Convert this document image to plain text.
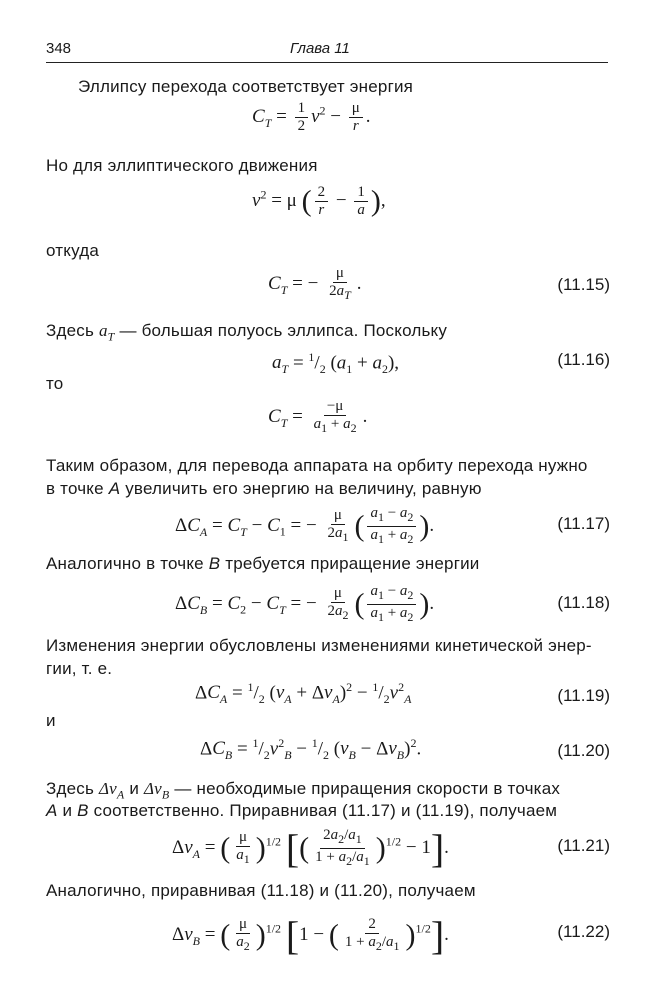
348	Глава 11
Эллипсу перехода соответствует энергия
$C_T = \frac{1}{2} v^2 - \frac{\mu}{r}$ .
Но для эллиптического движения
$v^2 = \mu$ ( $\frac{2}{r} - \frac{1}{a}$ ),
откуда
$C_T$ = − $\frac{\mu}{2a_T}$ .	(11.15)
Здесь $a_T$ — большая полуось эллипса. Поскольку
$a_T = ^1/_2$ $(a_1 + a_2)$,	(11.16)
то
$C_T = \frac{-\mu}{a_1 + a_2}$ .
Таким образом, для перевода аппарата на орбиту перехода нужно
в точке A увеличить его энергию на величину, равную
$\Delta C_A = C_T - C_1$ = − $\frac{\mu}{2a_1}$ ( $\frac{a_1 - a_2}{a_1 + a_2}$ ).	(11.17)
Аналогично в точке B требуется приращение энергии
$\Delta C_B = C_2 - C_T$ = − $\frac{\mu}{2a_2}$ ( $\frac{a_1 - a_2}{a_1 + a_2}$ ).	(11.18)
Изменения энергии обусловлены изменениями кинетической энер-
гии, т. е.
$\Delta C_A = ^1/_2$ $(v_A + \Delta v_A)^2 - ^1/_2v^2_A$	(11.19)
и
$\Delta C_B = ^1/_2v^2_B - ^1/_2$ $(v_B - \Delta v_B)^2$.	(11.20)
Здесь $\Delta v_A$ и $\Delta v_B$ — необходимые приращения скорости в точках
A и B соответственно. Приравнивая (11.17) и (11.19), получаем
$\Delta v_A$ = ( $\frac{\mu}{a_1} )^{1/2}$ [( $\frac{2a_2/a_1}{1 + a_2/a_1} )^{1/2} - 1$].	(11.21)
Аналогично, приравнивая (11.18) и (11.20), получаем
$\Delta v_B$ = ( $\frac{\mu}{a_2} )^{1/2}$ [1 − ( $\frac{2}{1 + a_2/a_1} )^{1/2}$].	(11.22)
